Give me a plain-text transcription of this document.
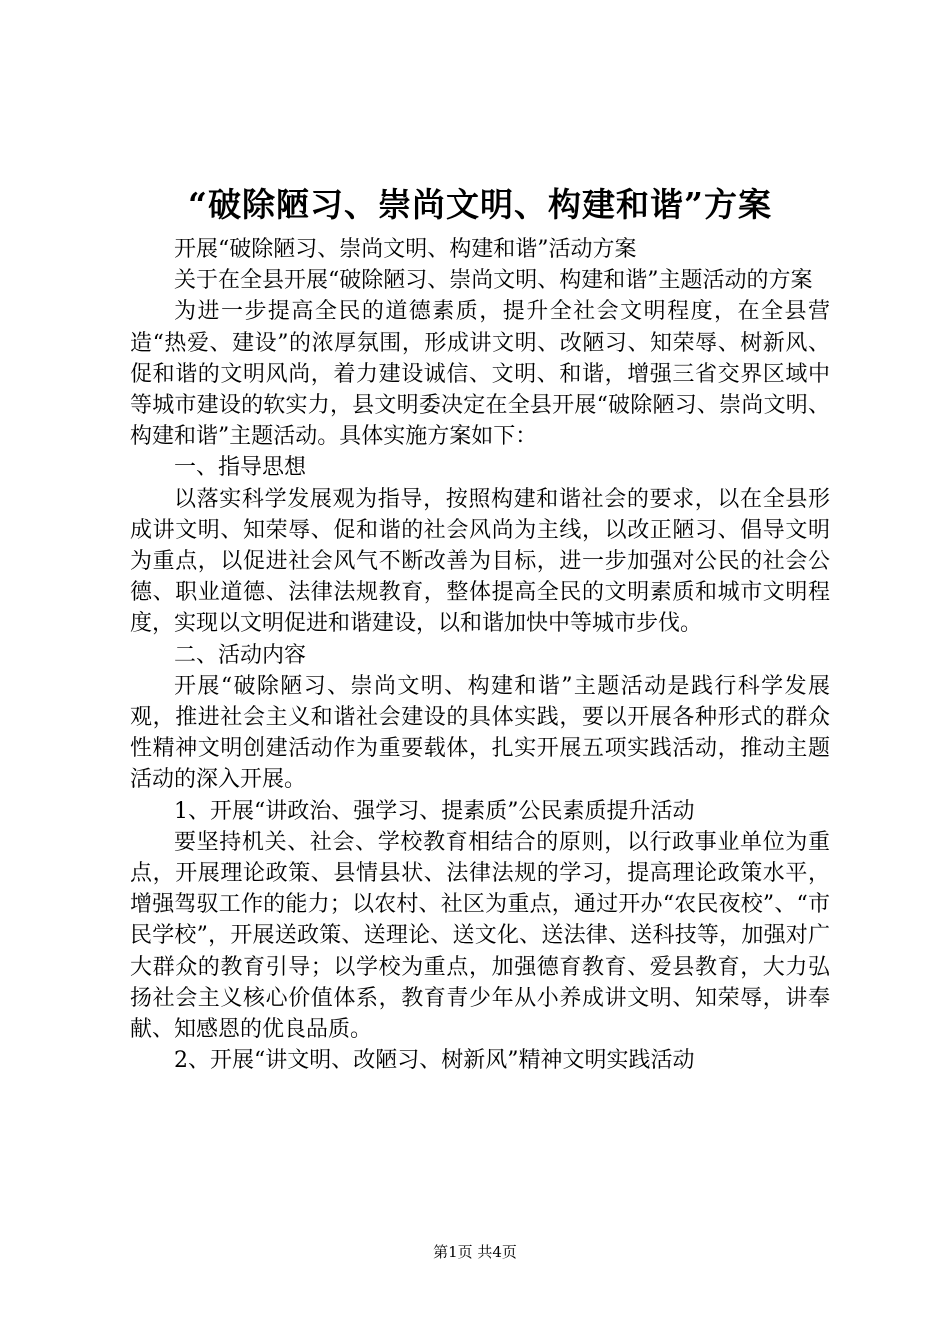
“破除陋习、崇尚文明、构建和谐”方案

开展“破除陋习、崇尚文明、构建和谐”活动方案

关于在全县开展“破除陋习、崇尚文明、构建和谐”主题活动的方案

为进一步提高全民的道德素质，提升全社会文明程度，在全县营造“热爱、建设”的浓厚氛围，形成讲文明、改陋习、知荣辱、树新风、促和谐的文明风尚，着力建设诚信、文明、和谐，增强三省交界区域中等城市建设的软实力，县文明委决定在全县开展“破除陋习、崇尚文明、构建和谐”主题活动。具体实施方案如下：

一、指导思想

以落实科学发展观为指导，按照构建和谐社会的要求，以在全县形成讲文明、知荣辱、促和谐的社会风尚为主线，以改正陋习、倡导文明为重点，以促进社会风气不断改善为目标，进一步加强对公民的社会公德、职业道德、法律法规教育，整体提高全民的文明素质和城市文明程度，实现以文明促进和谐建设，以和谐加快中等城市步伐。

二、活动内容

开展“破除陋习、崇尚文明、构建和谐”主题活动是践行科学发展观，推进社会主义和谐社会建设的具体实践，要以开展各种形式的群众性精神文明创建活动作为重要载体，扎实开展五项实践活动，推动主题活动的深入开展。

1、开展“讲政治、强学习、提素质”公民素质提升活动

要坚持机关、社会、学校教育相结合的原则，以行政事业单位为重点，开展理论政策、县情县状、法律法规的学习，提高理论政策水平，增强驾驭工作的能力；以农村、社区为重点，通过开办“农民夜校”、“市民学校”，开展送政策、送理论、送文化、送法律、送科技等，加强对广大群众的教育引导；以学校为重点，加强德育教育、爱县教育，大力弘扬社会主义核心价值体系，教育青少年从小养成讲文明、知荣辱，讲奉献、知感恩的优良品质。

2、开展“讲文明、改陋习、树新风”精神文明实践活动

第1页 共4页
